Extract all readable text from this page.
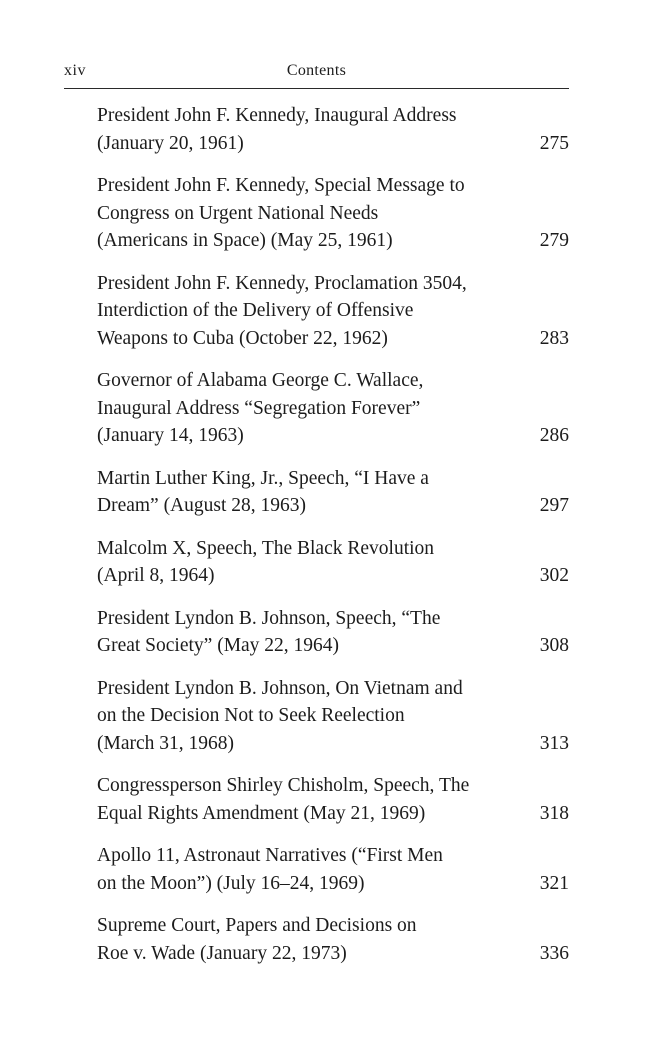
xiv	Contents
President John F. Kennedy, Inaugural Address
(January 20, 1961)	275
President John F. Kennedy, Special Message to
Congress on Urgent National Needs
(Americans in Space) (May 25, 1961)	279
President John F. Kennedy, Proclamation 3504,
Interdiction of the Delivery of Offensive
Weapons to Cuba (October 22, 1962)	283
Governor of Alabama George C. Wallace,
Inaugural Address “Segregation Forever”
(January 14, 1963)	286
Martin Luther King, Jr., Speech, “I Have a
Dream” (August 28, 1963)	297
Malcolm X, Speech, The Black Revolution
(April 8, 1964)	302
President Lyndon B. Johnson, Speech, “The
Great Society” (May 22, 1964)	308
President Lyndon B. Johnson, On Vietnam and
on the Decision Not to Seek Reelection
(March 31, 1968)	313
Congressperson Shirley Chisholm, Speech, The
Equal Rights Amendment (May 21, 1969)	318
Apollo 11, Astronaut Narratives (“First Men
on the Moon”) (July 16–24, 1969)	321
Supreme Court, Papers and Decisions on
Roe v. Wade (January 22, 1973)	336
